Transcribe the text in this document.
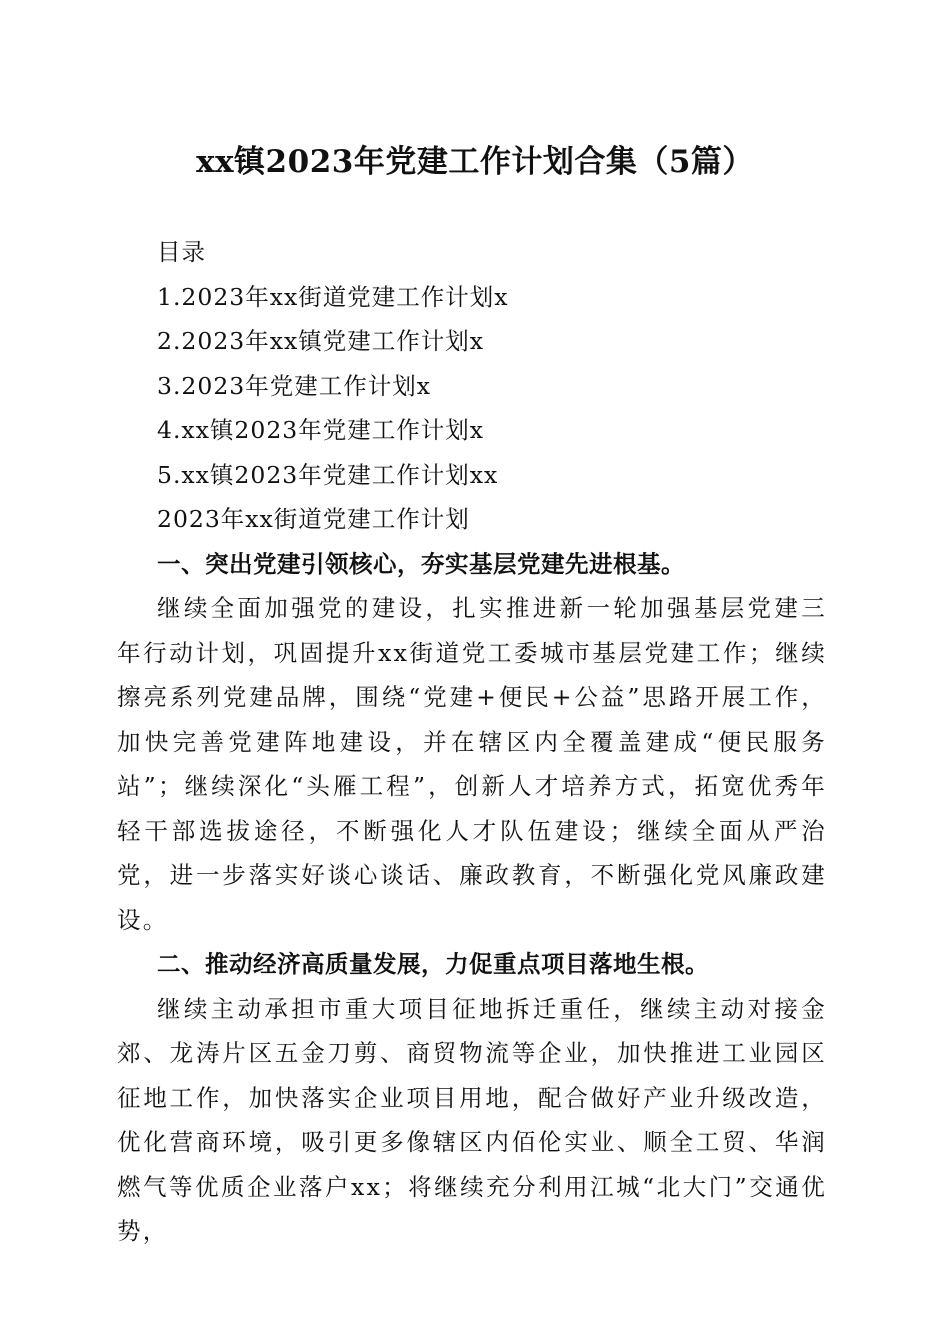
xx镇2023年党建工作计划合集（5篇）
目录
1.2023年xx街道党建工作计划x
2.2023年xx镇党建工作计划x
3.2023年党建工作计划x
4.xx镇2023年党建工作计划x
5.xx镇2023年党建工作计划xx
2023年xx街道党建工作计划
一、突出党建引领核心，夯实基层党建先进根基。

继续全面加强党的建设，扎实推进新一轮加强基层党建三年行动计划，巩固提升xx街道党工委城市基层党建工作；继续擦亮系列党建品牌，围绕“党建+便民+公益”思路开展工作，加快完善党建阵地建设，并在辖区内全覆盖建成“便民服务站”；继续深化“头雁工程”，创新人才培养方式，拓宽优秀年轻干部选拔途径，不断强化人才队伍建设；继续全面从严治党，进一步落实好谈心谈话、廉政教育，不断强化党风廉政建设。

二、推动经济高质量发展，力促重点项目落地生根。

继续主动承担市重大项目征地拆迁重任，继续主动对接金郊、龙涛片区五金刀剪、商贸物流等企业，加快推进工业园区征地工作，加快落实企业项目用地，配合做好产业升级改造，优化营商环境，吸引更多像辖区内佰伦实业、顺全工贸、华润燃气等优质企业落户xx；将继续充分利用江城“北大门”交通优势，
